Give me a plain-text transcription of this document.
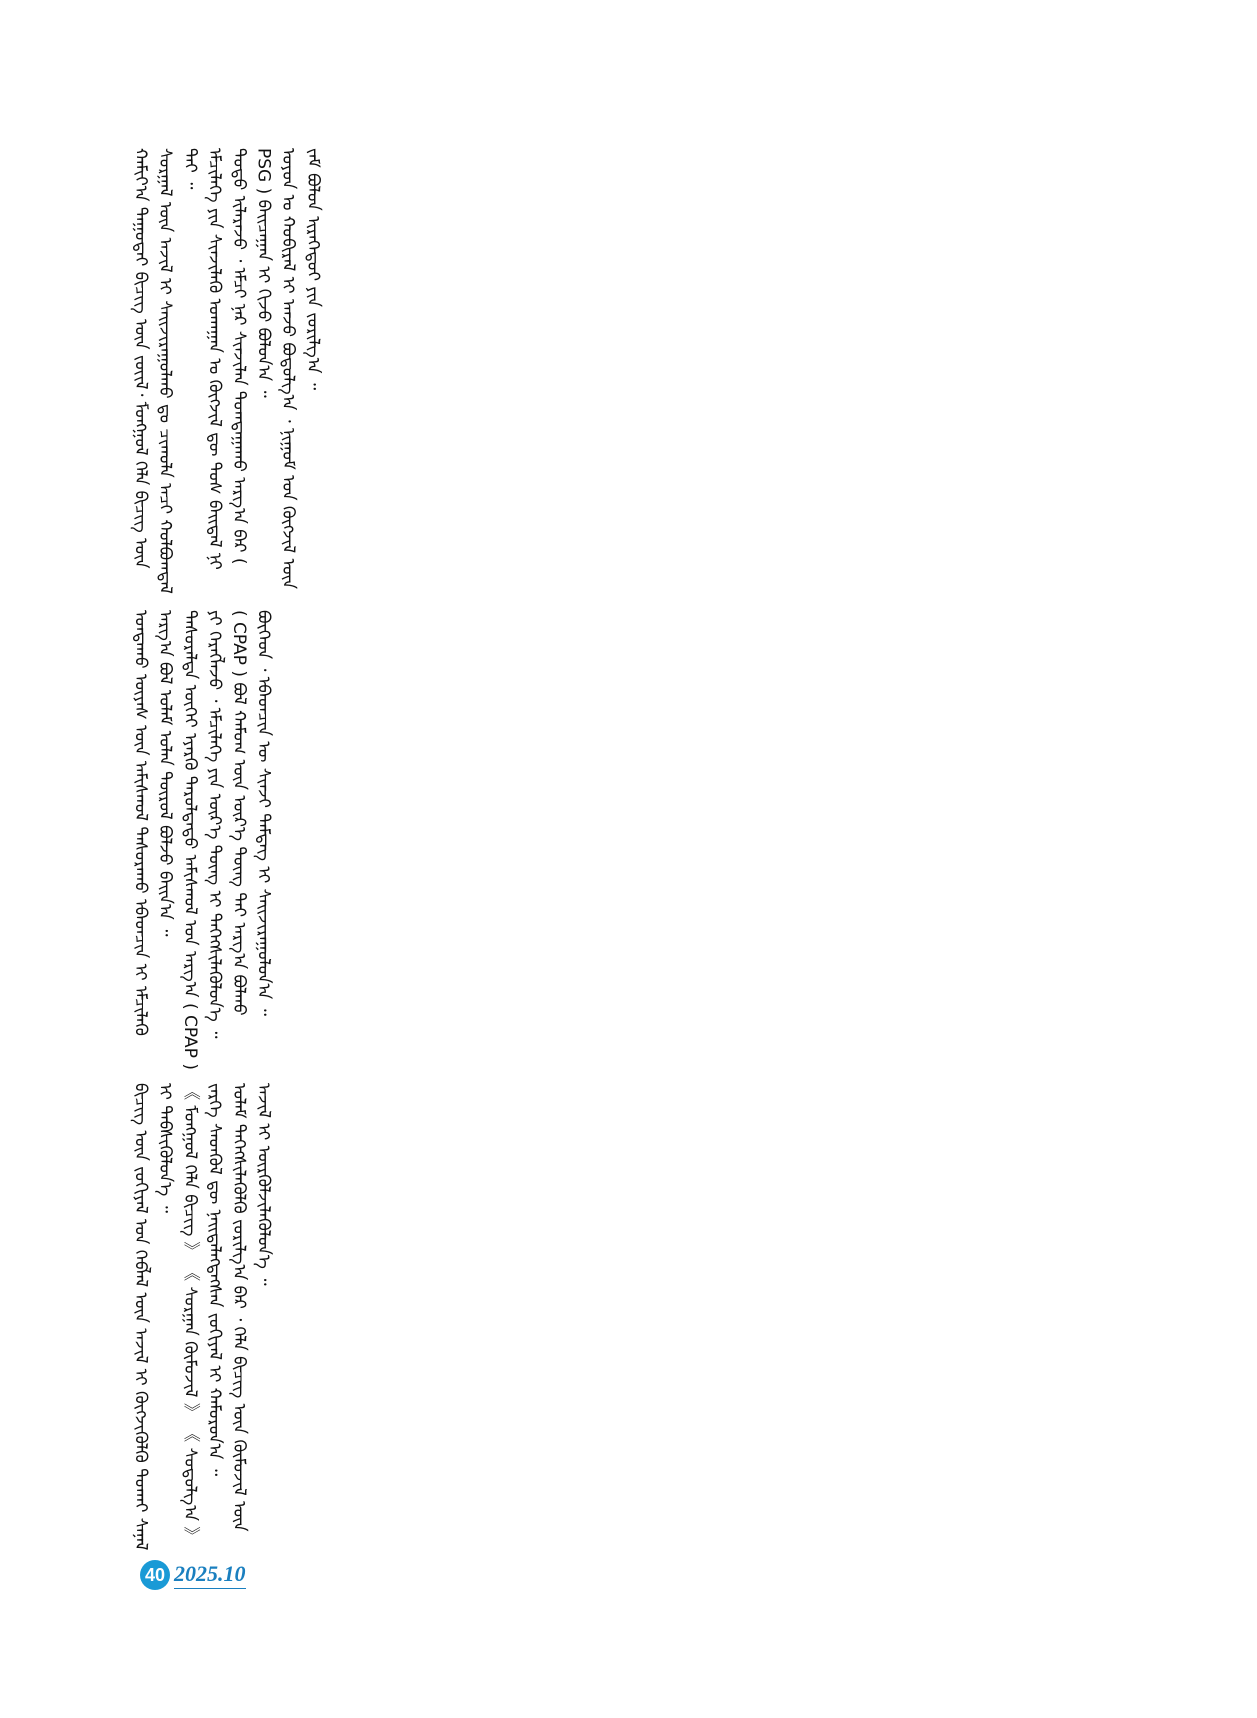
ᠬᠠᠮᠢᠶ᠎ᠠ ᠳᠠᠭᠤᠲᠠᠢ ᠪᠢᠴᠢᠭ ᠦᠨ ᠵᠦᠢᠯ᠂ ᠮᠣᠩᠭᠣᠯ ᠬᠡᠯᠡ ᠪᠢᠴᠢᠭ ᠦᠨ ᠰᠤᠷᠭᠠᠯ ᠦᠨ ᠠᠵᠢᠯ ᠢ ᠰᠠᠢᠵᠢᠷᠠᠭᠤᠯᠬᠤ ᠳᠤ ᠴᠢᠬᠤᠯᠠ ᠠᠴᠢ ᠬᠣᠯᠪᠣᠭᠳᠠᠯ ᠲᠠᠢ ᠃ ᠡᠮᠴᠢᠯᠡᠭᠡ ᠶᠢᠨ ᠰᠢᠨᠵᠢᠯᠡᠬᠦ ᠤᠬᠠᠭᠠᠨ ᠤ ᠬᠥᠭᠵᠢᠯ ᠳᠦ ᠳᠤᠰ ᠪᠠᠢᠳᠠᠯ ᠨᠢ ᠲᠣᠳᠣ ᠢᠯᠡᠷᠡᠵᠦ ᠂ ᠡᠮᠴᠢ ᠨᠠᠷ ᠰᠢᠨᠵᠢᠯᠡᠨ ᠲᠣᠭᠲᠠᠭᠠᠬᠤ ᠠᠷᠭ᠎ᠠ ᠪᠠᠷ ( PSG ) ᠪᠠᠢᠴᠠᠭᠠᠨ ᠢ ᠬᠢᠵᠦ ᠪᠣᠯᠤᠨ᠎ᠠ ᠃ ᠤᠶᠤᠨ ᠤ ᠬᠤᠪᠢᠷᠠᠯ ᠢ ᠠᠨᠵᠤ ᠪᠣᠳᠣᠯᠭ᠎ᠠ ᠂ ᠨᠢᠭᠤᠮ ᠤᠨ ᠬᠥᠭᠵᠢᠯ ᠦᠨ ᠵᠠᠮ ᠪᠣᠯᠤᠨ ᠢᠷᠡᠭᠡᠳᠦᠢ ᠶᠢᠨ ᠵᠣᠷᠢᠯᠭ᠎ᠠ ᠃

ᠤᠨᠲᠠᠬᠤ ᠦᠶᠡᠰ ᠦᠨ ᠠᠮᠢᠰᠭᠤᠯ ᠲᠠᠰᠤᠷᠠᠬᠤ ᠡᠪᠡᠳᠴᠢᠨ ᠢ ᠡᠮᠴᠢᠯᠡᠬᠦ ᠠᠷᠭ᠎ᠠ ᠪᠣᠯ ᠤᠯᠠᠮ ᠣᠯᠠᠨ ᠲᠦᠷᠦᠯ ᠪᠣᠯᠵᠤ ᠪᠠᠢᠨ᠎ᠠ ᠃ ᠲᠠᠰᠤᠷᠠᠯᠲᠠ ᠦᠭᠡᠢ ᠡᠶᠡᠷᠭᠦ ᠳᠠᠷᠤᠯᠲᠠᠲᠤ ᠠᠮᠢᠰᠭᠤᠯ ᠤᠨ ᠠᠷᠭ᠎ᠠ ( CPAP ) ᠶᠢ ᠬᠡᠷᠡᠭᠯᠡᠵᠦ ᠂ ᠡᠮᠴᠢᠯᠡᠭᠡ ᠶᠢᠨ ᠦᠷ᠎ᠡ ᠳᠦᠩ ᠢ ᠳᠡᠭᠡᠭᠰᠢᠯᠡᠭᠦᠯᠦᠨ᠎ᠡ ᠃ ( CPAP ) ᠪᠣᠯ ᠬᠠᠮᠤᠭ ᠦᠨ ᠦᠷ᠎ᠡ ᠳᠦᠩ ᠲᠠᠢ ᠠᠷᠭ᠎ᠠ ᠪᠣᠯᠬᠤ ᠪᠥᠭᠡᠳ ᠂ ᠡᠪᠡᠳᠴᠢᠨ ᠦ ᠰᠢᠨᠵᠢ ᠲᠡᠮᠳᠡᠭ ᠢ ᠰᠠᠢᠵᠢᠷᠠᠭᠤᠯᠤᠨ᠎ᠠ ᠃

ᠪᠢᠴᠢᠭ ᠦᠨ ᠵᠣᠬᠢᠶᠠᠯ ᠤᠨ ᠬᠡᠪᠯᠡᠯ ᠦᠨ ᠠᠵᠢᠯ ᠢ ᠬᠥᠭᠵᠢᠭᠦᠯᠬᠦ ᠲᠤᠬᠠᠢ ᠰᠠᠨᠠᠯ ᠢ ᠳᠡᠪᠰᠢᠭᠦᠯᠦᠨ᠎ᠡ ᠃ 《 ᠮᠣᠩᠭᠣᠯ ᠬᠡᠯᠡ ᠪᠢᠴᠢᠭ 》 《 ᠰᠤᠷᠭᠠᠨ ᠬᠦᠮᠦᠵᠢᠯ 》 《 ᠰᠤᠳᠤᠯᠭ᠎ᠠ 》 ᠵᠡᠷᠭᠡ ᠰᠡᠳᠬᠦᠯ ᠳᠦ ᠨᠡᠢᠲᠡᠯᠡᠭᠳᠡᠭᠰᠡᠨ ᠵᠣᠬᠢᠶᠠᠯ ᠢ ᠬᠠᠮᠤᠷᠤᠨ᠎ᠠ ᠃ ᠤᠯᠠᠮ ᠳᠡᠭᠡᠭᠰᠢᠯᠡᠭᠦᠯᠬᠦ ᠵᠣᠷᠢᠯᠭ᠎ᠠ ᠪᠠᠷ ᠂ ᠬᠡᠯᠡ ᠪᠢᠴᠢᠭ ᠦᠨ ᠬᠦᠮᠦᠵᠢᠯ ᠦᠨ ᠠᠵᠢᠯ ᠢ ᠦᠷᠭᠦᠯᠵᠢᠯᠡᠭᠦᠯᠦᠨ᠎ᠡ ᠃

40 2025.10
